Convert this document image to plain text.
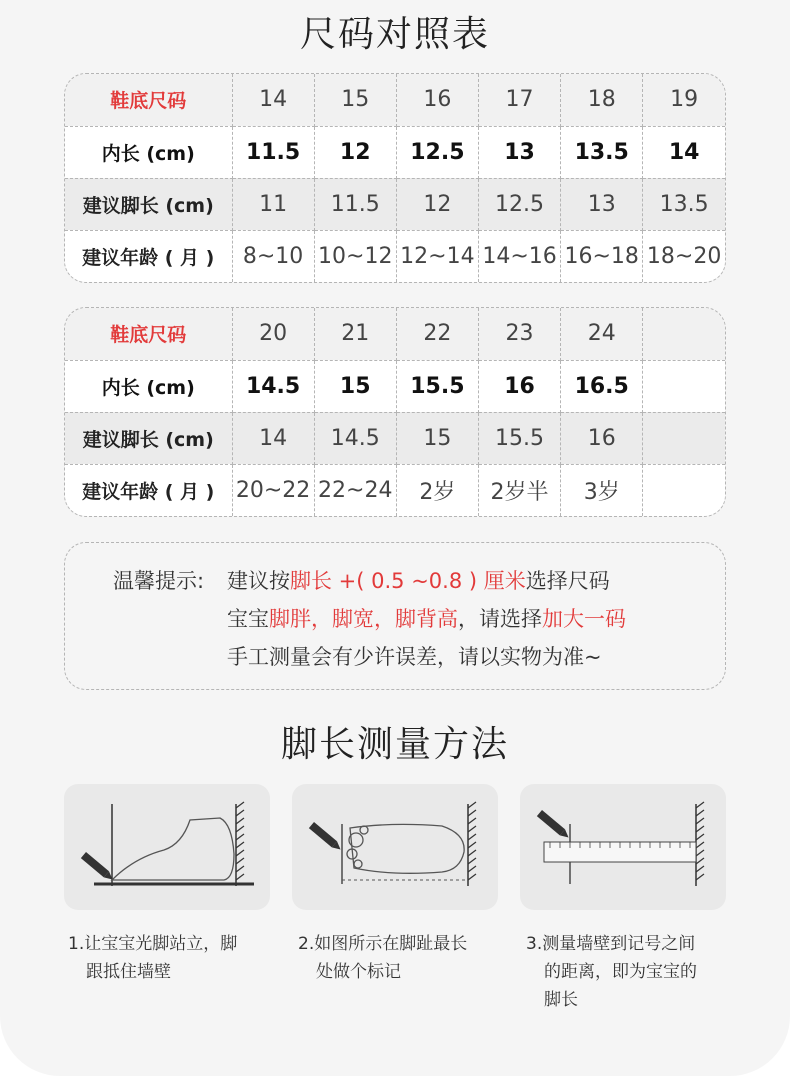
尺码对照表
鞋底尺码	14	15	16	17	18	19
内长 (cm)	11.5	12	12.5	13	13.5	14
建议脚长 (cm)	11	11.5	12	12.5	13	13.5
建议年龄 ( 月 )	8~10	10~12	12~14	14~16	16~18	18~20
鞋底尺码	20	21	22	23	24	
内长 (cm)	14.5	15	15.5	16	16.5	
建议脚长 (cm)	14	14.5	15	15.5	16	
建议年龄 ( 月 )	20~22	22~24	2岁	2岁半	3岁	
温馨提示: 建议按脚长 +( 0.5 ~0.8 ) 厘米选择尺码
宝宝脚胖，脚宽，脚背高，请选择加大一码
手工测量会有少许误差，请以实物为准~
脚长测量方法
1.让宝宝光脚站立，脚
跟抵住墙壁
2.如图所示在脚趾最长
处做个标记
3.测量墙壁到记号之间
的距离，即为宝宝的
脚长
